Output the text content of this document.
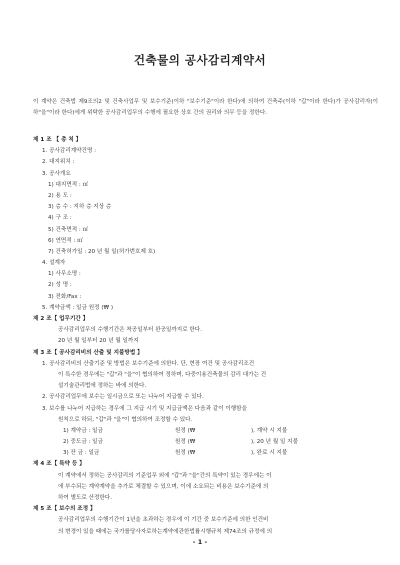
건축물의 공사감리계약서
이 계약은 건축법 제9조의2 및 건축사업무 및 보수기준(이하 "보수기준"이라 한다)에 의하여 건축주(이하 "갑"이라 한다)가 공사감리자(이하"을"이라 한다)에게 위탁한 공사감리업무의 수행에 필요한 상호 간의 권리와 의무 등을 정한다.
제 1 조 【 총 칙 】
1. 공사감리계약건명 :
2. 대지위치 :
3. 공사개요
1) 대지면적 : ㎡
2) 용 도 :
3) 층 수 : 지하 층 지상 층
4) 구 조 :
5) 건축면적 : ㎡
6) 연면적 : ㎡
7) 건축허가일 : 20 년 월 일(허가번호제 호)
4. 설계자
1) 사무소명 :
2) 성 명 :
3) 전화/Fax :
5. 계약금액 : 일금 원정 (₩ )
제 2 조【 업무기간 】
공사감리업무의 수행기간은 착공일부터 완공일까지로 한다.
20 년 월 일부터 20 년 월 일까지
제 3 조【 공사감리비의 산출 및 지불방법 】
1. 공사감리비의 산출기준 및 방법은 보수기준에 의한다. 단, 현장 여건 및 공사감리조건
이 특수한 경우에는 "갑"과 "을"이 협의하여 정하며, 다중이용건축물의 감리 대가는 건
설기술관리법에 정하는 바에 의한다.
2. 공사감리업무에 보수는 일시금으로 또는 나누어 지급할 수 있다.
3. 보수를 나누어 지급하는 경우에 그 지급 시기 및 지급금액은 다음과 같이 이행함을
원칙으로 하되, "갑"과 "을"이 협의하여 조정할 수 있다.
1) 계약금 : 일금	원정 (₩	), 계약 시 지불
2) 중도금 : 일금	원정 (₩	), 20 년 월 일 지불
3) 잔 금 : 일금	원정 (₩	), 완료 시 지불
제 4 조【 특약 등 】
이 계약에서 정하는 공사감리의 기준업무 외에 "갑"과 "을"간의 특약이 있는 경우에는 이
에 부수되는 계약계약을 추가로 체결할 수 있으며, 이에 소요되는 비용은 보수기준에 의
하여 별도로 산정한다.
제 5 조【 보수의 조정 】
공사감리업무의 수행기간이 1년을 초과하는 경우에 이 기간 중 보수기준에 의한 인건비
의 변경이 있을 때에는 국가를당사자로하는계약에관한법률시행규칙 제74조의 규정에 의
- 1 -
